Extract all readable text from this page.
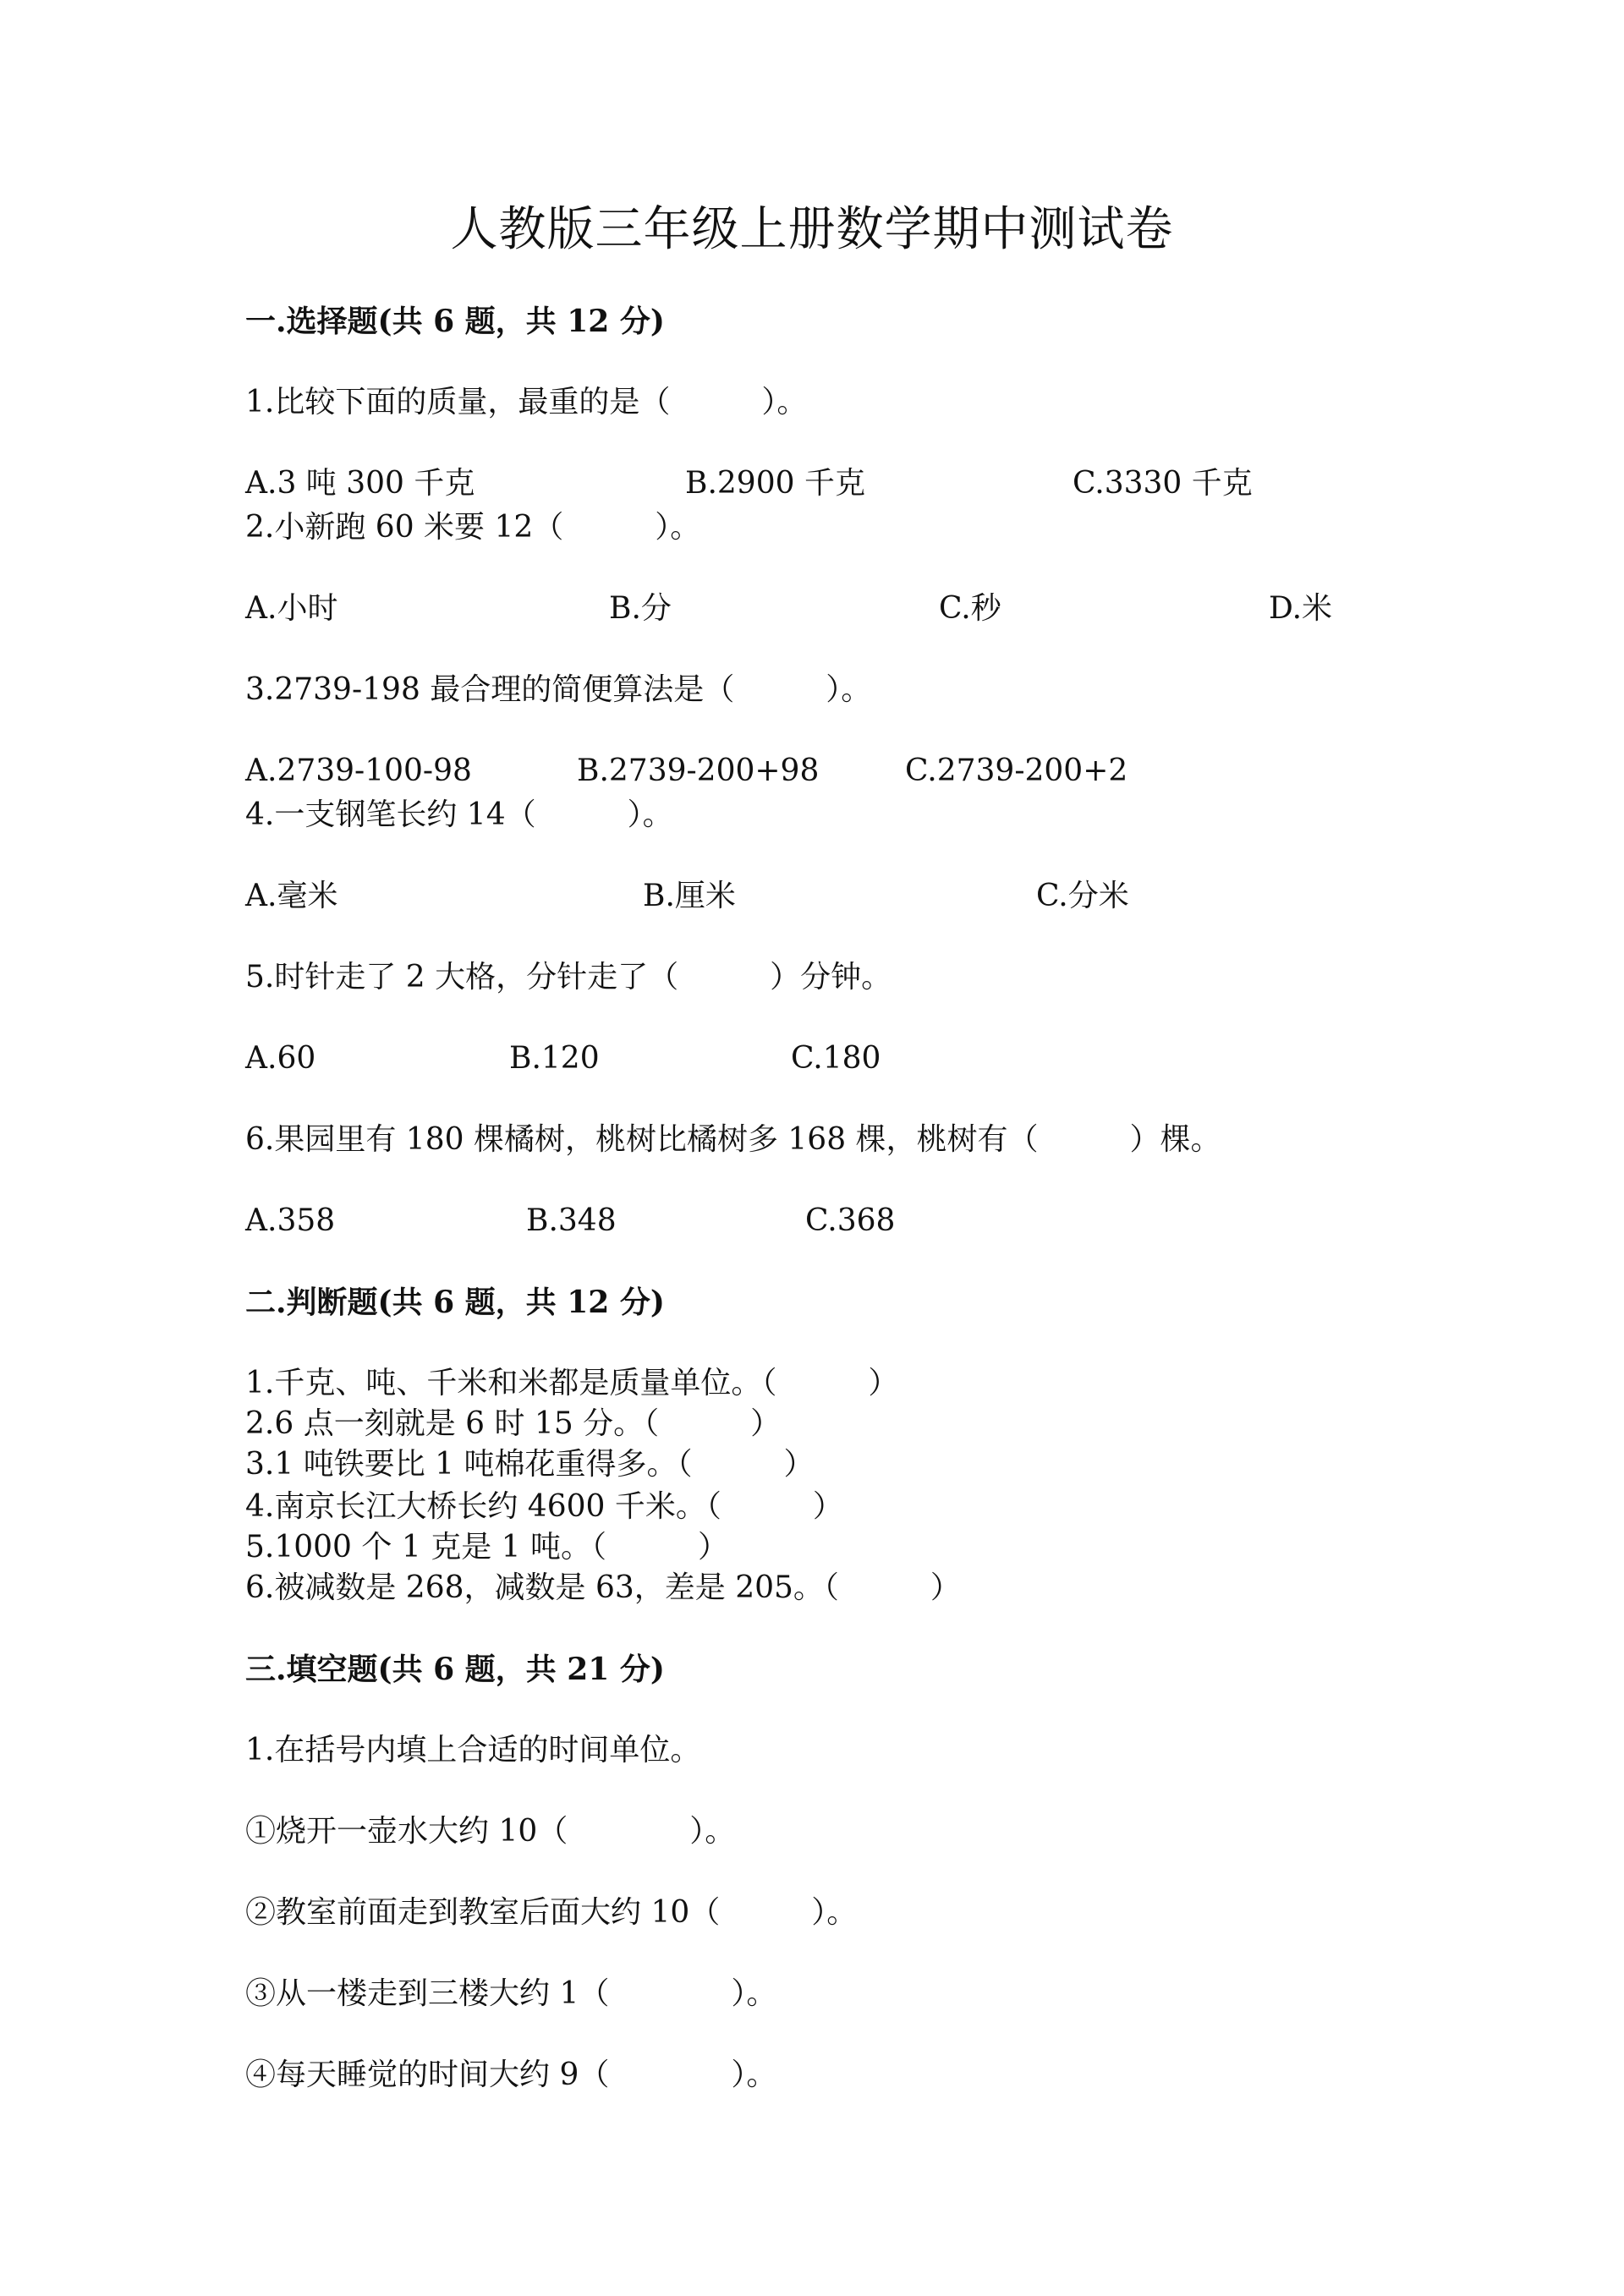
人教版三年级上册数学期中测试卷
一.选择题(共 6 题，共 12 分)
1.比较下面的质量，最重的是（　　　）。
A.3 吨 300 千克	B.2900 千克	C.3330 千克
2.小新跑 60 米要 12（　　　）。
A.小时	B.分	C.秒	D.米
3.2739-198 最合理的简便算法是（　　　）。
A.2739-100-98	B.2739-200+98	C.2739-200+2
4.一支钢笔长约 14（　　　）。
A.毫米	B.厘米	C.分米
5.时针走了 2 大格，分针走了（　　　）分钟。
A.60	B.120	C.180
6.果园里有 180 棵橘树，桃树比橘树多 168 棵，桃树有（　　　）棵。
A.358	B.348	C.368
二.判断题(共 6 题，共 12 分)
1.千克、吨、千米和米都是质量单位。（　　　）
2.6 点一刻就是 6 时 15 分。（　　　）
3.1 吨铁要比 1 吨棉花重得多。（　　　）
4.南京长江大桥长约 4600 千米。（　　　）
5.1000 个 1 克是 1 吨。（　　　）
6.被减数是 268，减数是 63，差是 205。（　　　）
三.填空题(共 6 题，共 21 分)
1.在括号内填上合适的时间单位。
①烧开一壶水大约 10（　　　　）。
②教室前面走到教室后面大约 10（　　　）。
③从一楼走到三楼大约 1（　　　　）。
④每天睡觉的时间大约 9（　　　　）。
